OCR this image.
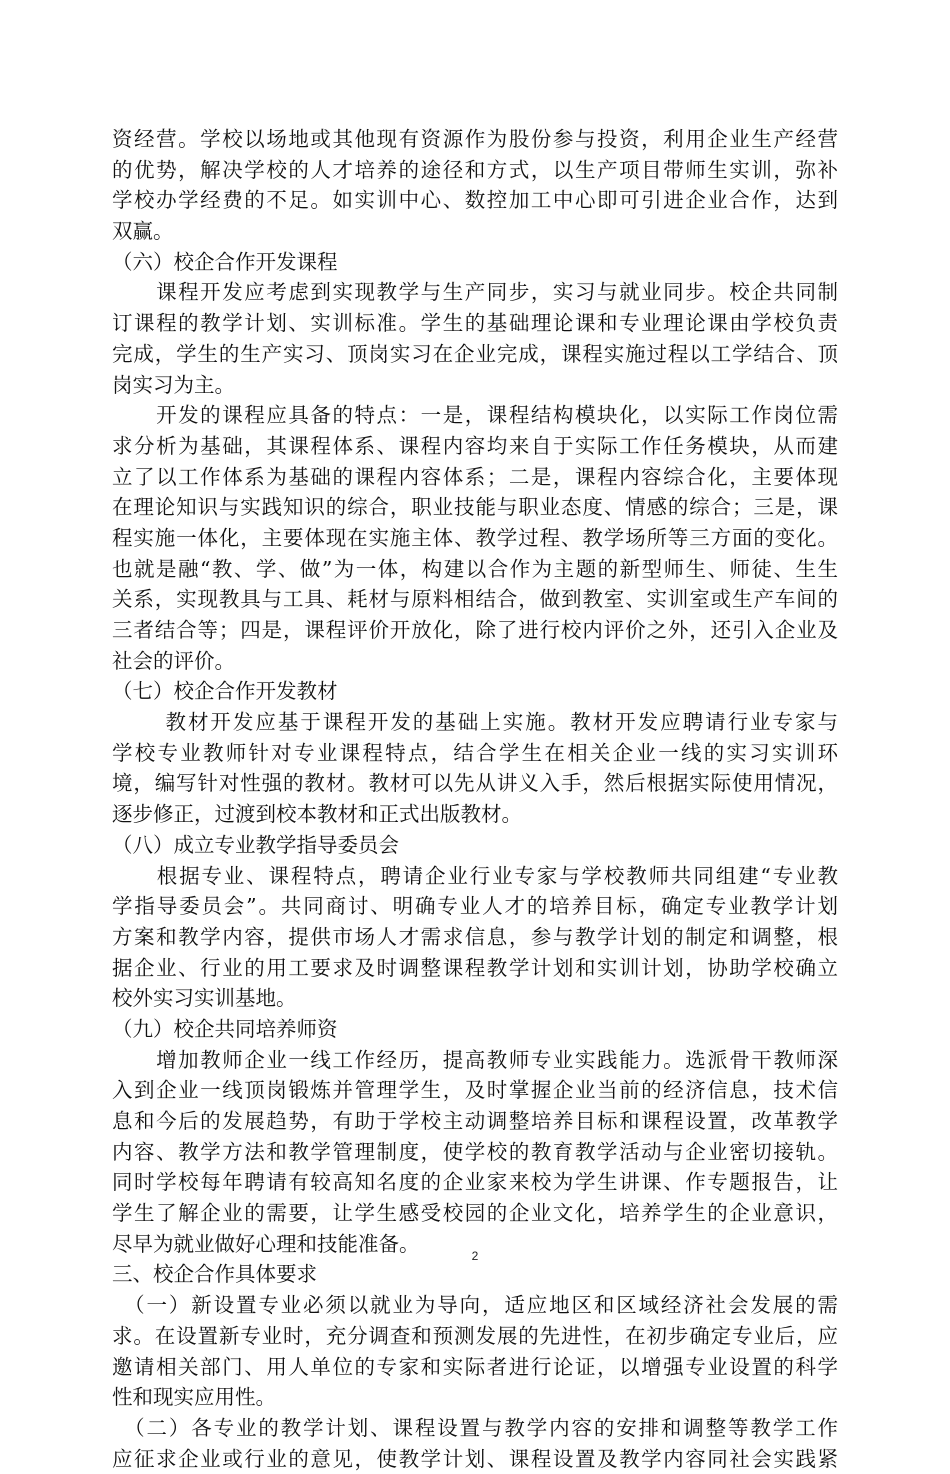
资经营。学校以场地或其他现有资源作为股份参与投资，利用企业生产经营
的优势，解决学校的人才培养的途径和方式，以生产项目带师生实训，弥补
学校办学经费的不足。如实训中心、数控加工中心即可引进企业合作，达到
双赢。
（六）校企合作开发课程
　　课程开发应考虑到实现教学与生产同步，实习与就业同步。校企共同制
订课程的教学计划、实训标准。学生的基础理论课和专业理论课由学校负责
完成，学生的生产实习、顶岗实习在企业完成，课程实施过程以工学结合、顶
岗实习为主。
　　开发的课程应具备的特点：一是，课程结构模块化，以实际工作岗位需
求分析为基础，其课程体系、课程内容均来自于实际工作任务模块，从而建
立了以工作体系为基础的课程内容体系；二是，课程内容综合化，主要体现
在理论知识与实践知识的综合，职业技能与职业态度、情感的综合；三是，课
程实施一体化，主要体现在实施主体、教学过程、教学场所等三方面的变化。
也就是融“教、学、做”为一体，构建以合作为主题的新型师生、师徒、生生
关系，实现教具与工具、耗材与原料相结合，做到教室、实训室或生产车间的
三者结合等；四是，课程评价开放化，除了进行校内评价之外，还引入企业及
社会的评价。
（七）校企合作开发教材
　　 教材开发应基于课程开发的基础上实施。教材开发应聘请行业专家与
学校专业教师针对专业课程特点，结合学生在相关企业一线的实习实训环
境，编写针对性强的教材。教材可以先从讲义入手，然后根据实际使用情况，
逐步修正，过渡到校本教材和正式出版教材。
（八）成立专业教学指导委员会
　　根据专业、课程特点，聘请企业行业专家与学校教师共同组建“专业教
学指导委员会”。共同商讨、明确专业人才的培养目标，确定专业教学计划
方案和教学内容，提供市场人才需求信息，参与教学计划的制定和调整，根
据企业、行业的用工要求及时调整课程教学计划和实训计划，协助学校确立
校外实习实训基地。
（九）校企共同培养师资
　　增加教师企业一线工作经历，提高教师专业实践能力。选派骨干教师深
入到企业一线顶岗锻炼并管理学生，及时掌握企业当前的经济信息，技术信
息和今后的发展趋势，有助于学校主动调整培养目标和课程设置，改革教学
内容、教学方法和教学管理制度，使学校的教育教学活动与企业密切接轨。
同时学校每年聘请有较高知名度的企业家来校为学生讲课、作专题报告，让
学生了解企业的需要，让学生感受校园的企业文化，培养学生的企业意识，
尽早为就业做好心理和技能准备。
三、校企合作具体要求
　（一）新设置专业必须以就业为导向，适应地区和区域经济社会发展的需
求。在设置新专业时，充分调查和预测发展的先进性，在初步确定专业后，应
邀请相关部门、用人单位的专家和实际者进行论证，以增强专业设置的科学
性和现实应用性。
　（二）各专业的教学计划、课程设置与教学内容的安排和调整等教学工作
应征求企业或行业的意见，使教学计划、课程设置及教学内容同社会实践紧
2
